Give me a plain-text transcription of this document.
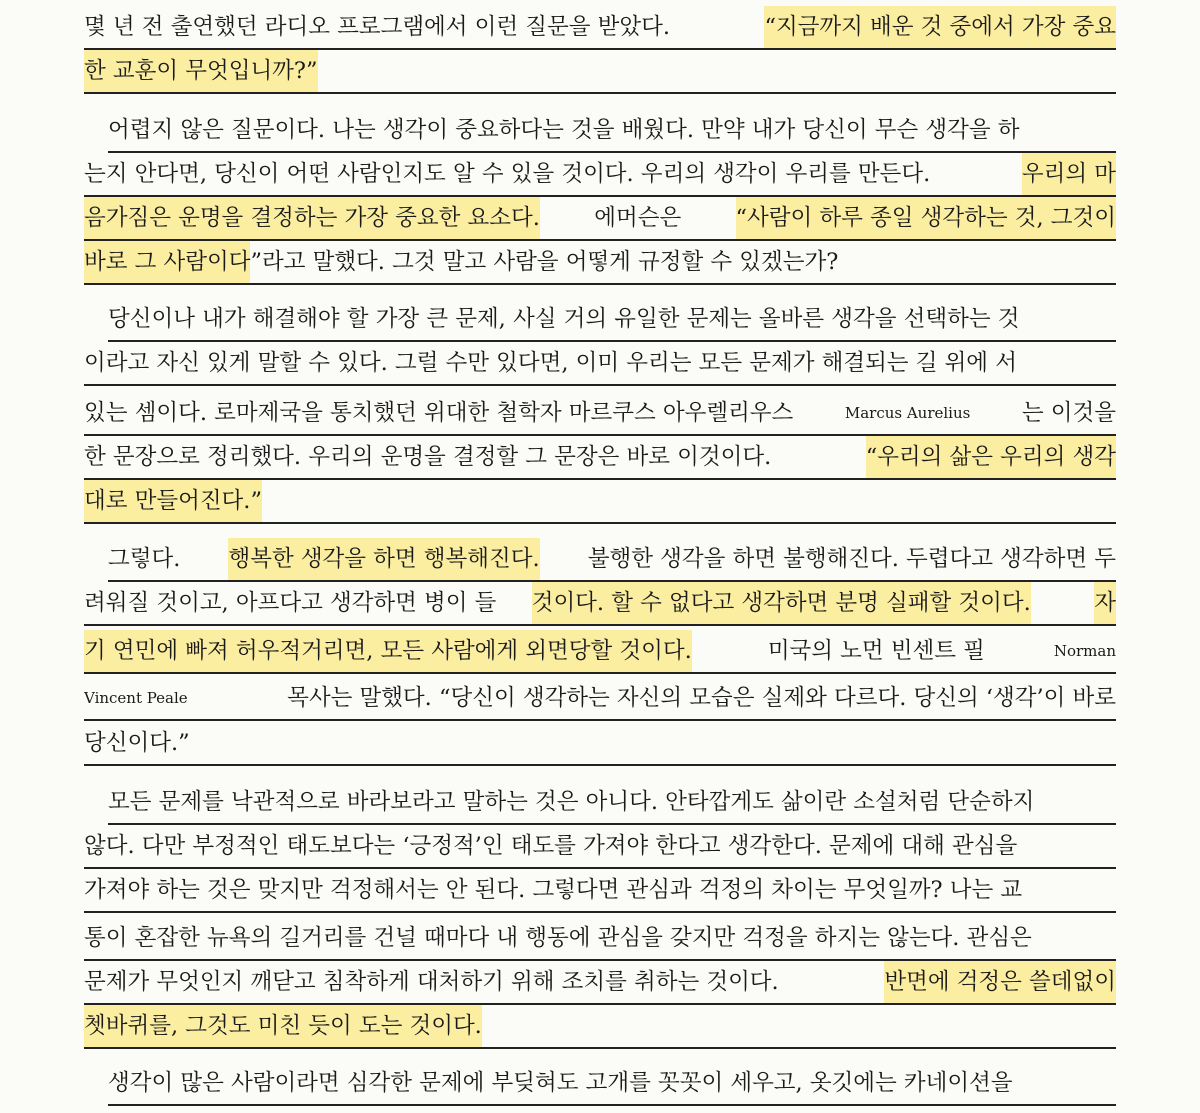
몇 년 전 출연했던 라디오 프로그램에서 이런 질문을 받았다.	“지금까지 배운 것 중에서 가장 중요
한 교훈이 무엇입니까?”
어렵지 않은 질문이다. 나는 생각이 중요하다는 것을 배웠다. 만약 내가 당신이 무슨 생각을 하
는지 안다면, 당신이 어떤 사람인지도 알 수 있을 것이다. 우리의 생각이 우리를 만든다.	우리의 마
음가짐은 운명을 결정하는 가장 중요한 요소다. 에머슨은 “사람이 하루 종일 생각하는 것, 그것이
바로 그 사람이다 ”라고 말했다. 그것 말고 사람을 어떻게 규정할 수 있겠는가?
당신이나 내가 해결해야 할 가장 큰 문제, 사실 거의 유일한 문제는 올바른 생각을 선택하는 것
이라고 자신 있게 말할 수 있다. 그럴 수만 있다면, 이미 우리는 모든 문제가 해결되는 길 위에 서
있는 셈이다. 로마제국을 통치했던 위대한 철학자 마르쿠스 아우렐리우스	Marcus Aurelius 는 이것을
한 문장으로 정리했다. 우리의 운명을 결정할 그 문장은 바로 이것이다.	“우리의 삶은 우리의 생각
대로 만들어진다.”
그렇다. 행복한 생각을 하면 행복해진다. 불행한 생각을 하면 불행해진다. 두렵다고 생각하면 두
려워질 것이고, 아프다고 생각하면 병이 들 것이다. 할 수 없다고 생각하면 분명 실패할 것이다.
	자
기 연민에 빠져 허우적거리면, 모든 사람에게 외면당할 것이다.	미국의 노먼 빈센트 필	Norman
Vincent Peale	목사는 말했다. “당신이 생각하는 자신의 모습은 실제와 다르다. 당신의 ‘생각’이 바로
당신이다.”
모든 문제를 낙관적으로 바라보라고 말하는 것은 아니다. 안타깝게도 삶이란 소설처럼 단순하지
않다. 다만 부정적인 태도보다는 ‘긍정적’인 태도를 가져야 한다고 생각한다. 문제에 대해 관심을
가져야 하는 것은 맞지만 걱정해서는 안 된다. 그렇다면 관심과 걱정의 차이는 무엇일까? 나는 교
통이 혼잡한 뉴욕의 길거리를 건널 때마다 내 행동에 관심을 갖지만 걱정을 하지는 않는다. 관심은
문제가 무엇인지 깨닫고 침착하게 대처하기 위해 조치를 취하는 것이다.	반면에 걱정은 쓸데없이
쳇바퀴를, 그것도 미친 듯이 도는 것이다.
생각이 많은 사람이라면 심각한 문제에 부딪혀도 고개를 꼿꼿이 세우고, 옷깃에는 카네이션을
